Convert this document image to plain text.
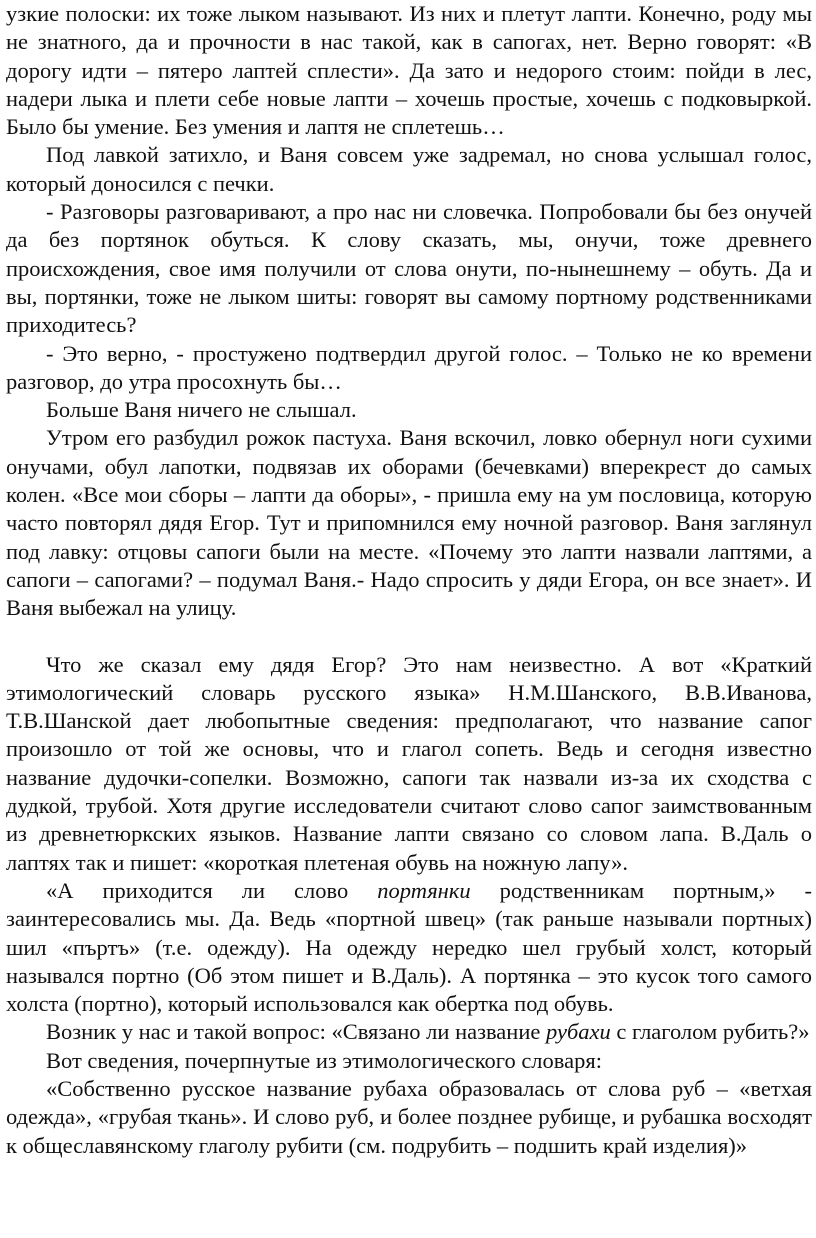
узкие полоски: их тоже лыком называют. Из них и плетут лапти. Конечно, роду мы не знатного, да и прочности в нас такой, как в сапогах, нет. Верно говорят: «В дорогу идти – пятеро лаптей сплести». Да зато и недорого стоим: пойди в лес, надери лыка и плети себе новые лапти – хочешь простые, хочешь с подковыркой. Было бы умение. Без умения и лаптя не сплетешь…

Под лавкой затихло, и Ваня совсем уже задремал, но снова услышал голос, который доносился с печки.

- Разговоры разговаривают, а про нас ни словечка. Попробовали бы без онучей да без портянок обуться. К слову сказать, мы, онучи, тоже древнего происхождения, свое имя получили от слова онути, по-нынешнему – обуть. Да и вы, портянки, тоже не лыком шиты: говорят вы самому портному родственниками приходитесь?

- Это верно, - простужено подтвердил другой голос. – Только не ко времени разговор, до утра просохнуть бы…

Больше Ваня ничего не слышал.

Утром его разбудил рожок пастуха. Ваня вскочил, ловко обернул ноги сухими онучами, обул лапотки, подвязав их оборами (бечевками) вперекрест до самых колен. «Все мои сборы – лапти да оборы», - пришла ему на ум пословица, которую часто повторял дядя Егор. Тут и припомнился ему ночной разговор. Ваня заглянул под лавку: отцовы сапоги были на месте. «Почему это лапти назвали лаптями, а сапоги – сапогами? – подумал Ваня.- Надо спросить у дяди Егора, он все знает». И Ваня выбежал на улицу.

Что же сказал ему дядя Егор? Это нам неизвестно. А вот «Краткий этимологический словарь русского языка» Н.М.Шанского, В.В.Иванова, Т.В.Шанской дает любопытные сведения: предполагают, что название сапог произошло от той же основы, что и глагол сопеть. Ведь и сегодня известно название дудочки-сопелки. Возможно, сапоги так назвали из-за их сходства с дудкой, трубой. Хотя другие исследователи считают слово сапог заимствованным из древнетюркских языков. Название лапти связано со словом лапа. В.Даль о лаптях так и пишет: «короткая плетеная обувь на ножную лапу».

«А приходится ли слово портянки родственникам портным,» - заинтересовались мы. Да. Ведь «портной швец» (так раньше называли портных) шил «пъртъ» (т.е. одежду). На одежду нередко шел грубый холст, который назывался портно (Об этом пишет и В.Даль). А портянка – это кусок того самого холста (портно), который использовался как обертка под обувь.

Возник у нас и такой вопрос: «Связано ли название рубахи с глаголом рубить?»

Вот сведения, почерпнутые из этимологического словаря:

«Собственно русское название рубаха образовалась от слова руб – «ветхая одежда», «грубая ткань». И слово руб, и более позднее рубище, и рубашка восходят к общеславянскому глаголу рубити (см. подрубить – подшить край изделия)»
